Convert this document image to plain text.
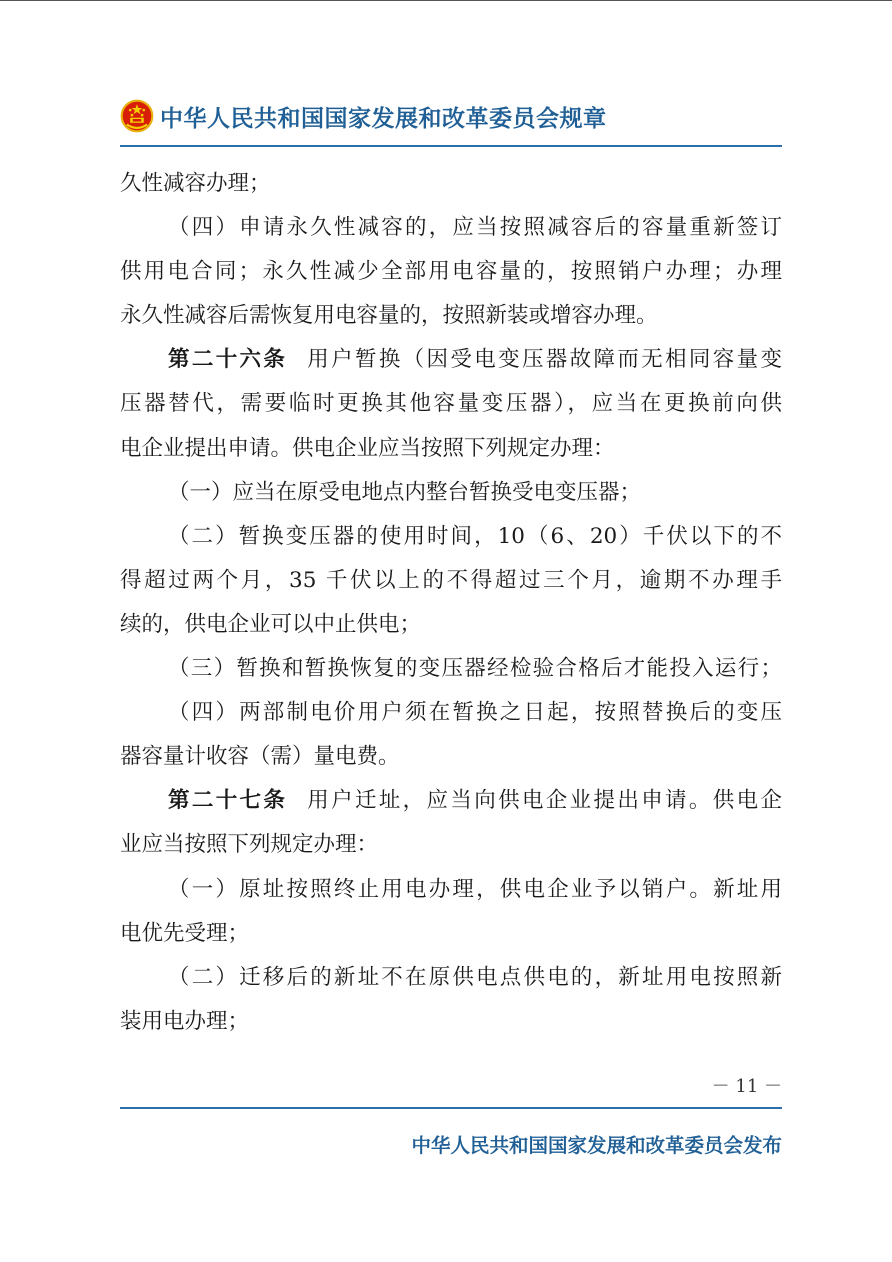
中华人民共和国国家发展和改革委员会规章
久性减容办理；
（四）申请永久性减容的，应当按照减容后的容量重新签订
供用电合同；永久性减少全部用电容量的，按照销户办理；办理
永久性减容后需恢复用电容量的，按照新装或增容办理。
第二十六条 用户暂换（因受电变压器故障而无相同容量变
压器替代，需要临时更换其他容量变压器），应当在更换前向供
电企业提出申请。供电企业应当按照下列规定办理：
（一）应当在原受电地点内整台暂换受电变压器；
（二）暂换变压器的使用时间，10（6、20）千伏以下的不
得超过两个月，35 千伏以上的不得超过三个月，逾期不办理手
续的，供电企业可以中止供电；
（三）暂换和暂换恢复的变压器经检验合格后才能投入运行；
（四）两部制电价用户须在暂换之日起，按照替换后的变压
器容量计收容（需）量电费。
第二十七条 用户迁址，应当向供电企业提出申请。供电企
业应当按照下列规定办理：
（一）原址按照终止用电办理，供电企业予以销户。新址用
电优先受理；
（二）迁移后的新址不在原供电点供电的，新址用电按照新
装用电办理；
－ 11 －
中华人民共和国国家发展和改革委员会发布
